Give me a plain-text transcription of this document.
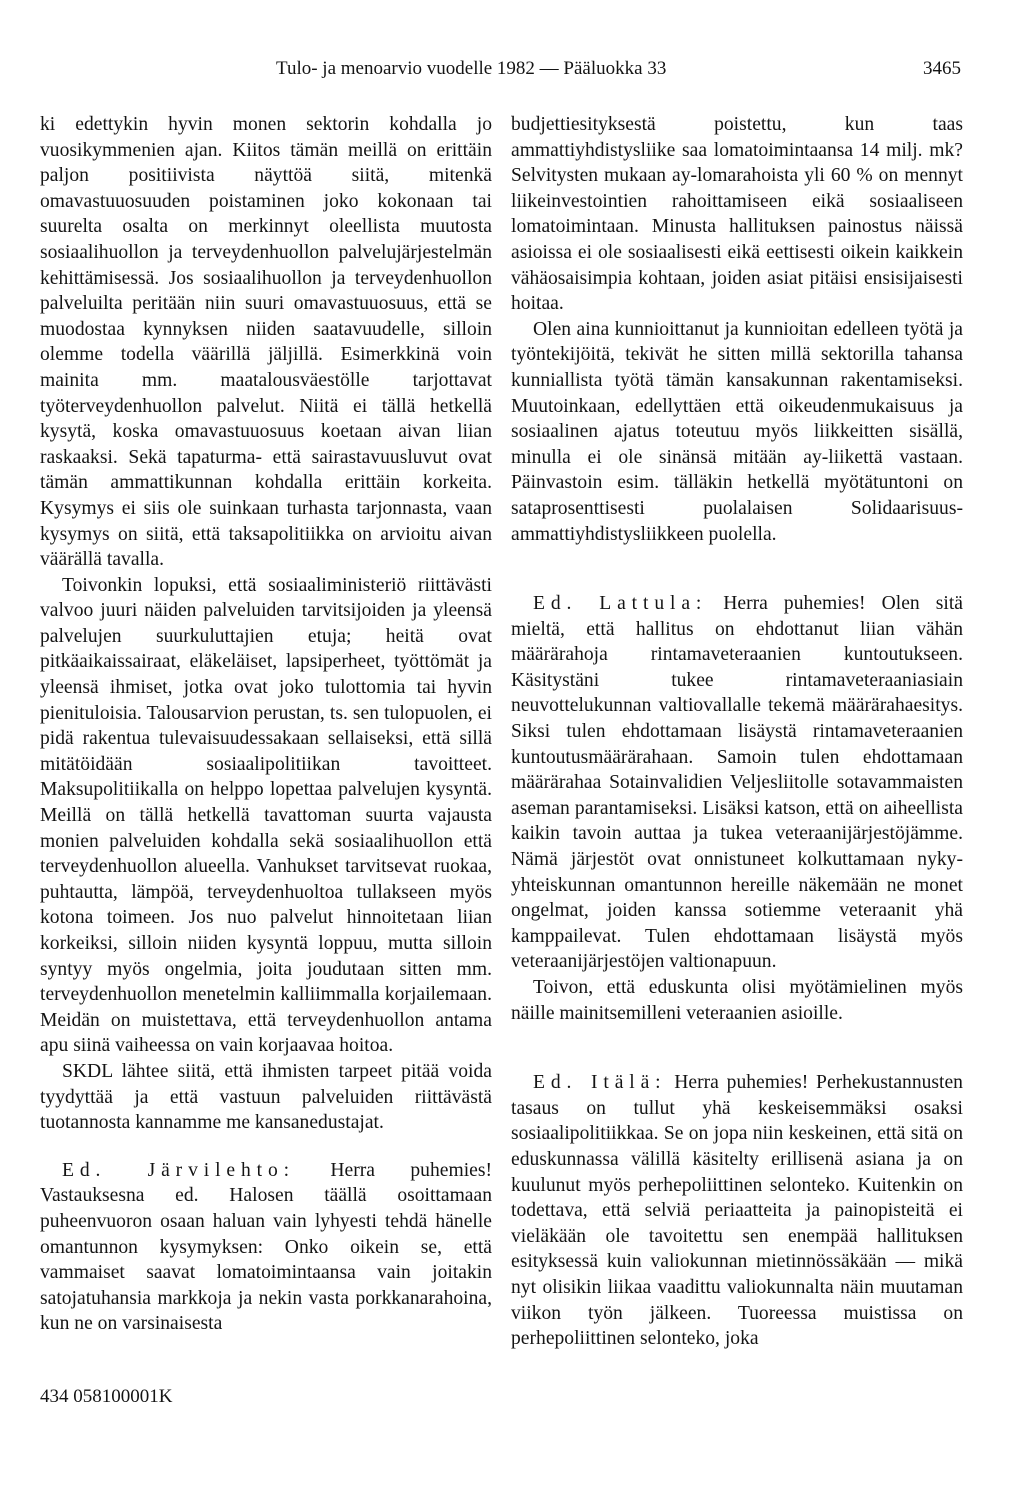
Tulo- ja menoarvio vuodelle 1982 — Pääluokka 33	3465

ki edettykin hyvin monen sektorin kohdalla jo vuosikymmenien ajan. Kiitos tämän meillä on erittäin paljon positiivista näyttöä siitä, mitenkä omavastuuosuuden poistaminen joko kokonaan tai suurelta osalta on merkinnyt oleellista muutosta sosiaalihuollon ja terveydenhuollon palvelujärjestelmän kehittämisessä. Jos sosiaalihuollon ja terveydenhuollon palveluilta peritään niin suuri omavastuuosuus, että se muodostaa kynnyksen niiden saatavuudelle, silloin olemme todella väärillä jäljillä. Esimerkkinä voin mainita mm. maatalousväestölle tarjottavat työterveydenhuollon palvelut. Niitä ei tällä hetkellä kysytä, koska omavastuuosuus koetaan aivan liian raskaaksi. Sekä tapaturma- että sairastavuusluvut ovat tämän ammattikunnan kohdalla erittäin korkeita. Kysymys ei siis ole suinkaan turhasta tarjonnasta, vaan kysymys on siitä, että taksapolitiikka on arvioitu aivan väärällä tavalla.

Toivonkin lopuksi, että sosiaaliministeriö riittävästi valvoo juuri näiden palveluiden tarvitsijoiden ja yleensä palvelujen suurkuluttajien etuja; heitä ovat pitkäaikaissairaat, eläkeläiset, lapsiperheet, työttömät ja yleensä ihmiset, jotka ovat joko tulottomia tai hyvin pienituloisia. Talousarvion perustan, ts. sen tulopuolen, ei pidä rakentua tulevaisuudessakaan sellaiseksi, että sillä mitätöidään sosiaalipolitiikan tavoitteet. Maksupolitiikalla on helppo lopettaa palvelujen kysyntä. Meillä on tällä hetkellä tavattoman suurta vajausta monien palveluiden kohdalla sekä sosiaalihuollon että terveydenhuollon alueella. Vanhukset tarvitsevat ruokaa, puhtautta, lämpöä, terveydenhuoltoa tullakseen myös kotona toimeen. Jos nuo palvelut hinnoitetaan liian korkeiksi, silloin niiden kysyntä loppuu, mutta silloin syntyy myös ongelmia, joita joudutaan sitten mm. terveydenhuollon menetelmin kalliimmalla korjailemaan. Meidän on muistettava, että terveydenhuollon antama apu siinä vaiheessa on vain korjaavaa hoitoa.

SKDL lähtee siitä, että ihmisten tarpeet pitää voida tyydyttää ja että vastuun palveluiden riittävästä tuotannosta kannamme me kansanedustajat.

Ed. Järvilehto: Herra puhemies! Vastauksesna ed. Halosen täällä osoittamaan puheenvuoron osaan haluan vain lyhyesti tehdä hänelle omantunnon kysymyksen: Onko oikein se, että vammaiset saavat lomatoimintaansa vain joitakin satojatuhansia markkoja ja nekin vasta porkkanarahoina, kun ne on varsinaisesta

budjettiesityksestä poistettu, kun taas ammattiyhdistysliike saa lomatoimintaansa 14 milj. mk? Selvitysten mukaan ay-lomarahoista yli 60 % on mennyt liikeinvestointien rahoittamiseen eikä sosiaaliseen lomatoimintaan. Minusta hallituksen painostus näissä asioissa ei ole sosiaalisesti eikä eettisesti oikein kaikkein vähäosaisimpia kohtaan, joiden asiat pitäisi ensisijaisesti hoitaa.

Olen aina kunnioittanut ja kunnioitan edelleen työtä ja työntekijöitä, tekivät he sitten millä sektorilla tahansa kunniallista työtä tämän kansakunnan rakentamiseksi. Muutoinkaan, edellyttäen että oikeudenmukaisuus ja sosiaalinen ajatus toteutuu myös liikkeitten sisällä, minulla ei ole sinänsä mitään ay-liikettä vastaan. Päinvastoin esim. tälläkin hetkellä myötätuntoni on sataprosenttisesti puolalaisen Solidaarisuus-ammattiyhdistysliikkeen puolella.

Ed. Lattula: Herra puhemies! Olen sitä mieltä, että hallitus on ehdottanut liian vähän määrärahoja rintamaveteraanien kuntoutukseen. Käsitystäni tukee rintamaveteraaniasiain neuvottelukunnan valtiovallalle tekemä määrärahaesitys. Siksi tulen ehdottamaan lisäystä rintamaveteraanien kuntoutusmäärärahaan. Samoin tulen ehdottamaan määrärahaa Sotainvalidien Veljesliitolle sotavammaisten aseman parantamiseksi. Lisäksi katson, että on aiheellista kaikin tavoin auttaa ja tukea veteraanijärjestöjämme. Nämä järjestöt ovat onnistuneet kolkuttamaan nyky-yhteiskunnan omantunnon hereille näkemään ne monet ongelmat, joiden kanssa sotiemme veteraanit yhä kamppailevat. Tulen ehdottamaan lisäystä myös veteraanijärjestöjen valtionapuun.

Toivon, että eduskunta olisi myötämielinen myös näille mainitsemilleni veteraanien asioille.

Ed. Itälä: Herra puhemies! Perhekustannusten tasaus on tullut yhä keskeisemmäksi osaksi sosiaalipolitiikkaa. Se on jopa niin keskeinen, että sitä on eduskunnassa välillä käsitelty erillisenä asiana ja on kuulunut myös perhepoliittinen selonteko. Kuitenkin on todettava, että selviä periaatteita ja painopisteitä ei vieläkään ole tavoitettu sen enempää hallituksen esityksessä kuin valiokunnan mietinnössäkään — mikä nyt olisikin liikaa vaadittu valiokunnalta näin muutaman viikon työn jälkeen. Tuoreessa muistissa on perhepoliittinen selonteko, joka

434 058100001K
